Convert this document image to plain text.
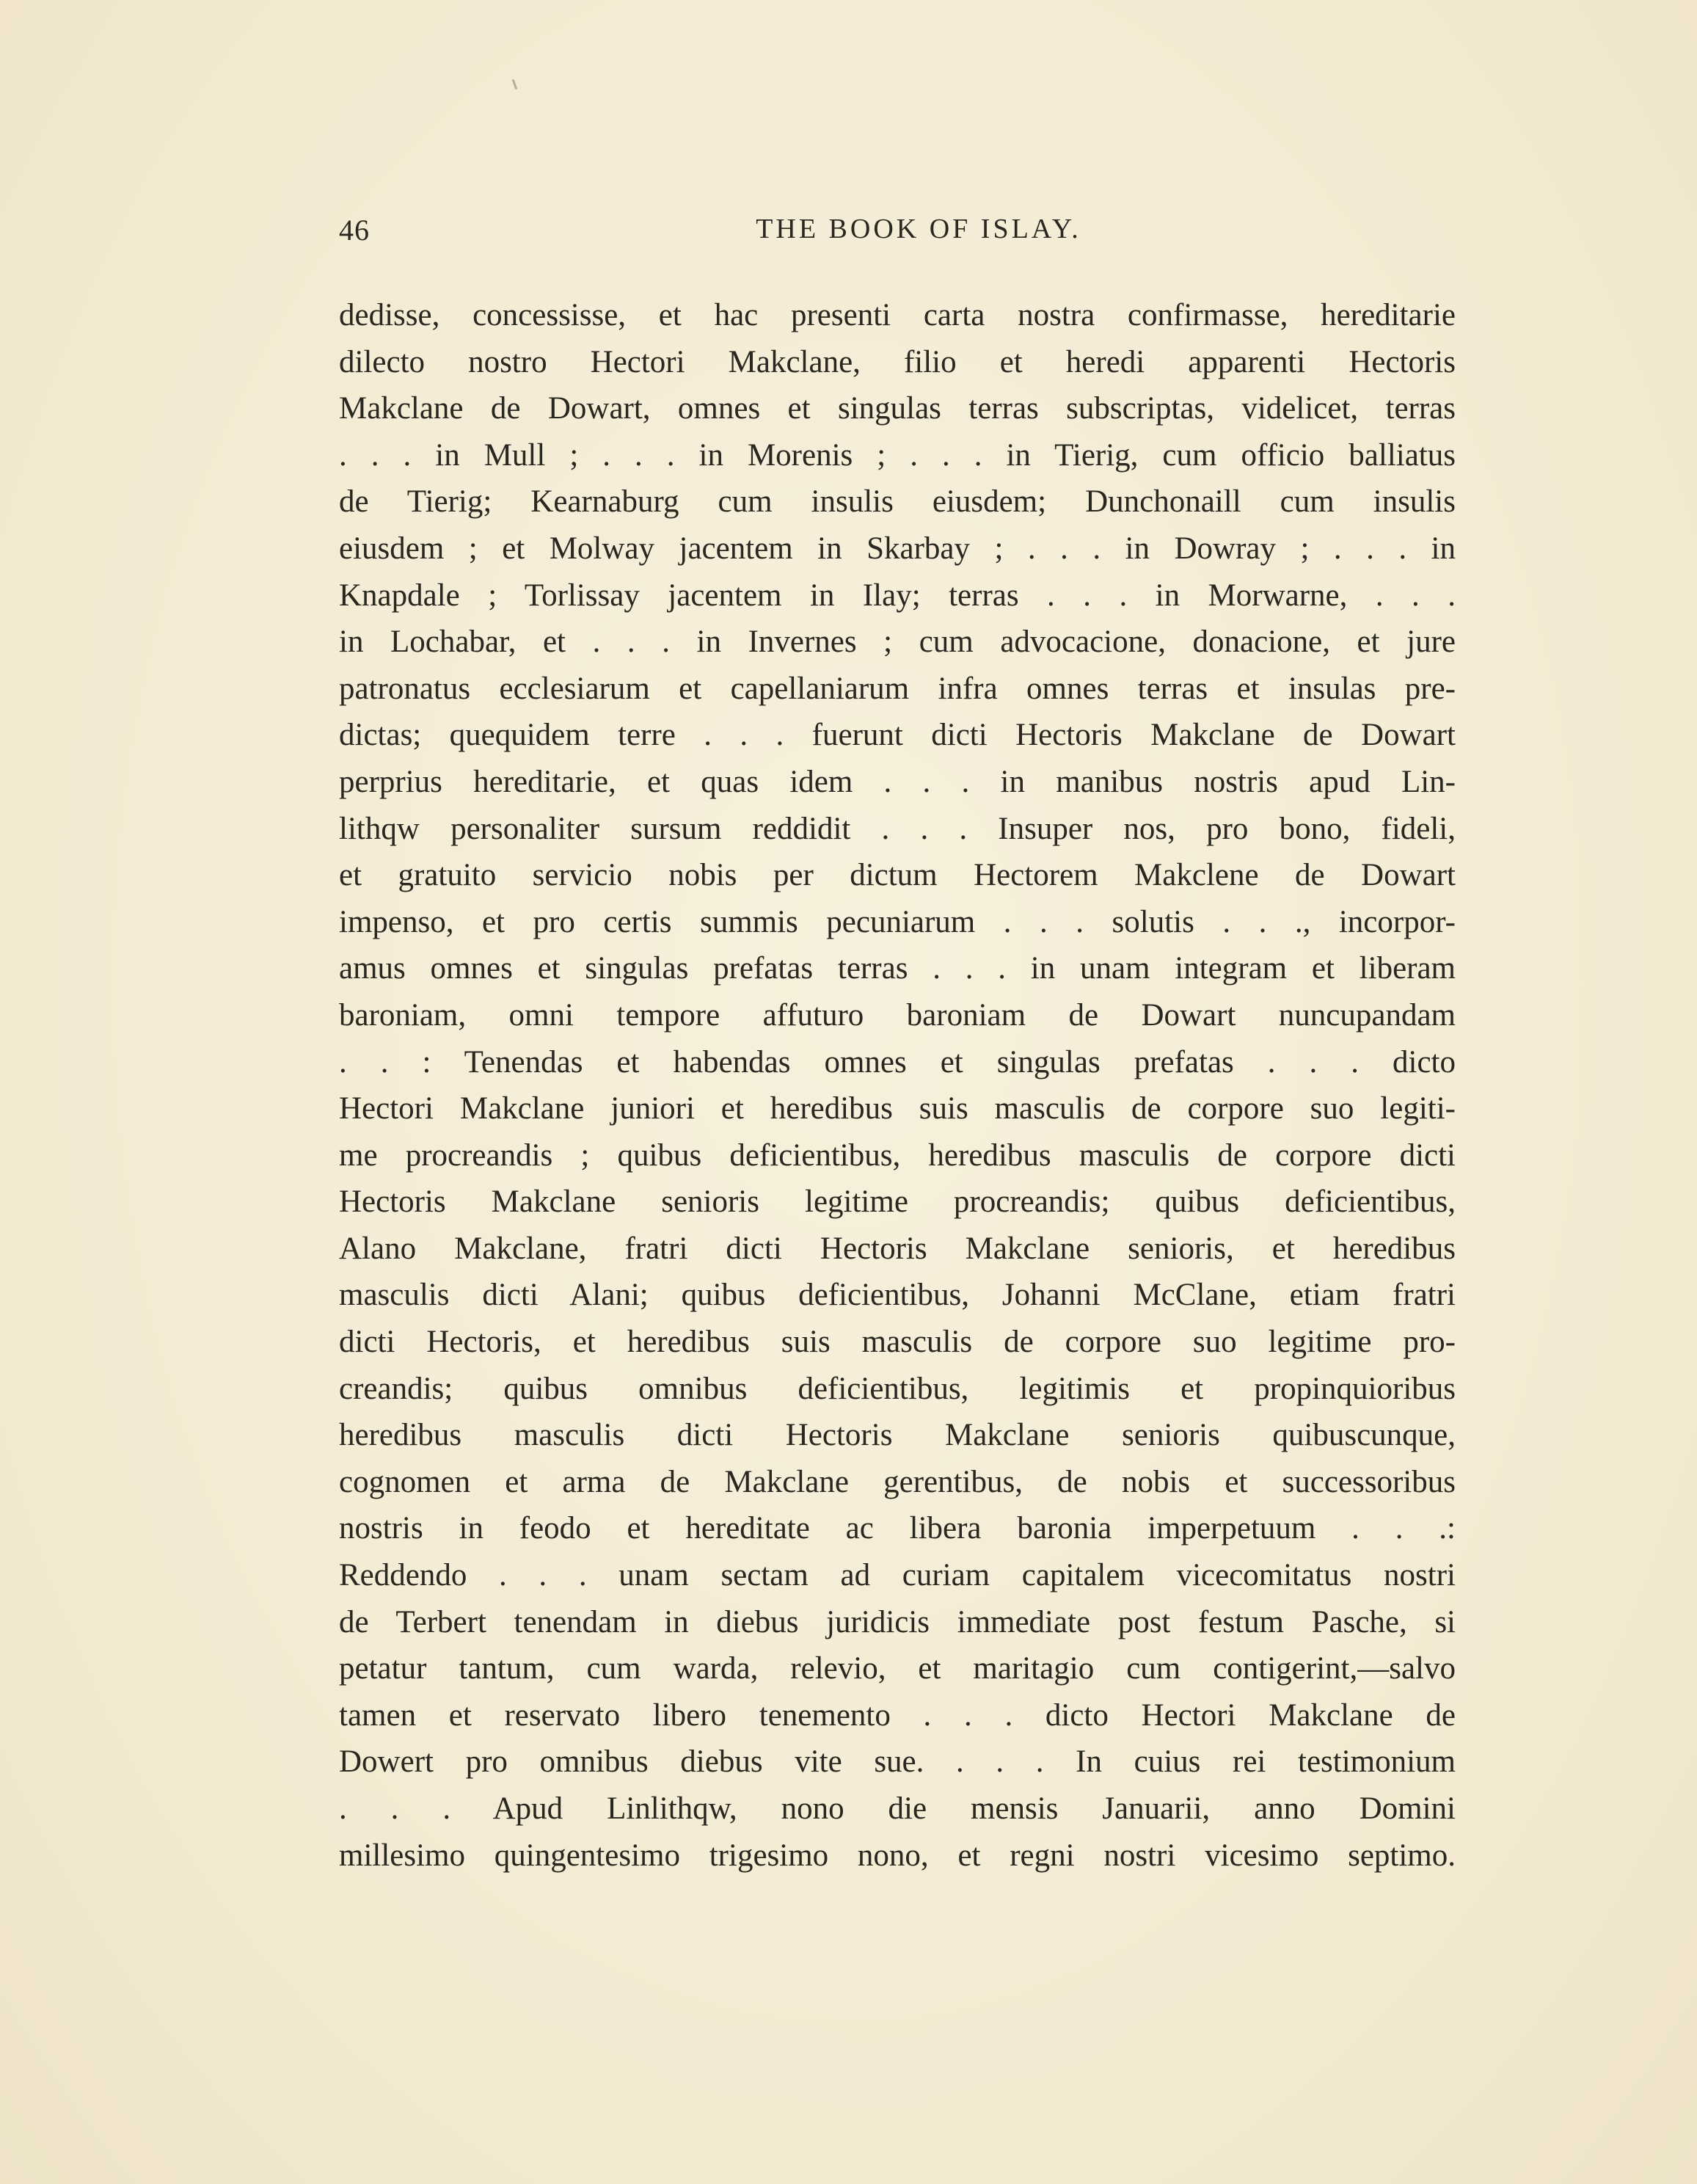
46	THE BOOK OF ISLAY.
dedisse, concessisse, et hac presenti carta nostra confirmasse, hereditarie
dilecto nostro Hectori Makclane, filio et heredi apparenti Hectoris
Makclane de Dowart, omnes et singulas terras subscriptas, videlicet, terras
. . . in Mull ; . . . in Morenis ; . . . in Tierig, cum officio balliatus
de Tierig; Kearnaburg cum insulis eiusdem; Dunchonaill cum insulis
eiusdem ; et Molway jacentem in Skarbay ; . . . in Dowray ; . . . in
Knapdale ; Torlissay jacentem in Ilay; terras . . . in Morwarne, . . .
in Lochabar, et . . . in Invernes ; cum advocacione, donacione, et jure
patronatus ecclesiarum et capellaniarum infra omnes terras et insulas pre-
dictas; quequidem terre . . . fuerunt dicti Hectoris Makclane de Dowart
perprius hereditarie, et quas idem . . . in manibus nostris apud Lin-
lithqw personaliter sursum reddidit . . . Insuper nos, pro bono, fideli,
et gratuito servicio nobis per dictum Hectorem Makclene de Dowart
impenso, et pro certis summis pecuniarum . . . solutis . . ., incorpor-
amus omnes et singulas prefatas terras . . . in unam integram et liberam
baroniam, omni tempore affuturo baroniam de Dowart nuncupandam
. . : Tenendas et habendas omnes et singulas prefatas . . . dicto
Hectori Makclane juniori et heredibus suis masculis de corpore suo legiti-
me procreandis ; quibus deficientibus, heredibus masculis de corpore dicti
Hectoris Makclane senioris legitime procreandis; quibus deficientibus,
Alano Makclane, fratri dicti Hectoris Makclane senioris, et heredibus
masculis dicti Alani; quibus deficientibus, Johanni McClane, etiam fratri
dicti Hectoris, et heredibus suis masculis de corpore suo legitime pro-
creandis; quibus omnibus deficientibus, legitimis et propinquioribus
heredibus masculis dicti Hectoris Makclane senioris quibuscunque,
cognomen et arma de Makclane gerentibus, de nobis et successoribus
nostris in feodo et hereditate ac libera baronia imperpetuum . . .:
Reddendo . . . unam sectam ad curiam capitalem vicecomitatus nostri
de Terbert tenendam in diebus juridicis immediate post festum Pasche, si
petatur tantum, cum warda, relevio, et maritagio cum contigerint,—salvo
tamen et reservato libero tenemento . . . dicto Hectori Makclane de
Dowert pro omnibus diebus vite sue. . . . In cuius rei testimonium
. . . Apud Linlithqw, nono die mensis Januarii, anno Domini
millesimo quingentesimo trigesimo nono, et regni nostri vicesimo septimo.
